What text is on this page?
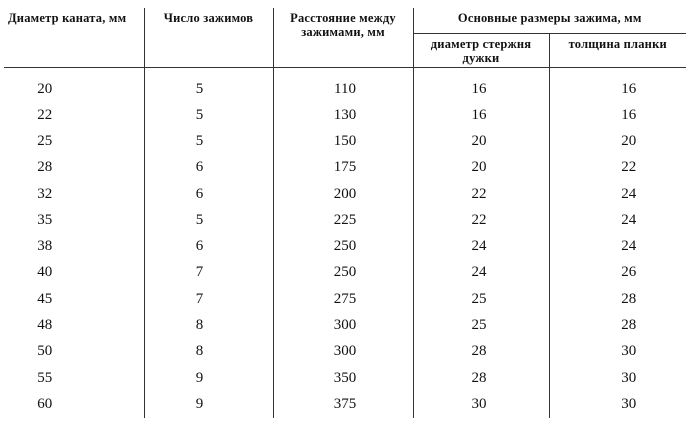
Диаметр каната, мм	Число зажимов	Расстояние между зажимами, мм	Основные размеры зажима, мм	
			диаметр стержня дужки	толщина планки
20	5	110	16	16
22	5	130	16	16
25	5	150	20	20
28	6	175	20	22
32	6	200	22	24
35	5	225	22	24
38	6	250	24	24
40	7	250	24	26
45	7	275	25	28
48	8	300	25	28
50	8	300	28	30
55	9	350	28	30
60	9	375	30	30
